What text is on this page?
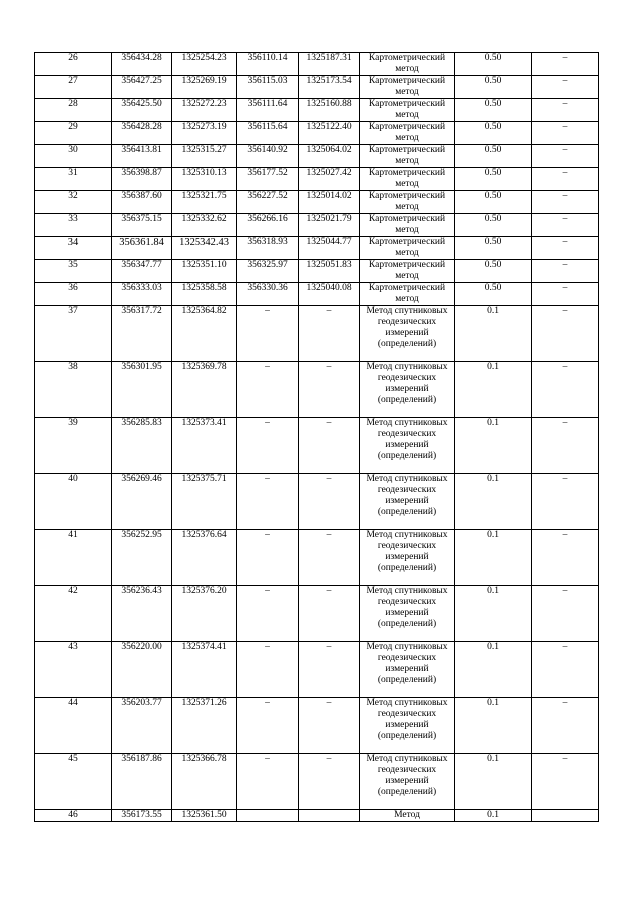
26	356434.28	1325254.23	356110.14	1325187.31	Картометрический метод	0.50	–
27	356427.25	1325269.19	356115.03	1325173.54	Картометрический метод	0.50	–
28	356425.50	1325272.23	356111.64	1325160.88	Картометрический метод	0.50	–
29	356428.28	1325273.19	356115.64	1325122.40	Картометрический метод	0.50	–
30	356413.81	1325315.27	356140.92	1325064.02	Картометрический метод	0.50	–
31	356398.87	1325310.13	356177.52	1325027.42	Картометрический метод	0.50	–
32	356387.60	1325321.75	356227.52	1325014.02	Картометрический метод	0.50	–
33	356375.15	1325332.62	356266.16	1325021.79	Картометрический метод	0.50	–
34	356361.84	1325342.43	356318.93	1325044.77	Картометрический метод	0.50	–
35	356347.77	1325351.10	356325.97	1325051.83	Картометрический метод	0.50	–
36	356333.03	1325358.58	356330.36	1325040.08	Картометрический метод	0.50	–
37	356317.72	1325364.82	–	–	Метод спутниковых геодезических измерений (определений)	0.1	–
38	356301.95	1325369.78	–	–	Метод спутниковых геодезических измерений (определений)	0.1	–
39	356285.83	1325373.41	–	–	Метод спутниковых геодезических измерений (определений)	0.1	–
40	356269.46	1325375.71	–	–	Метод спутниковых геодезических измерений (определений)	0.1	–
41	356252.95	1325376.64	–	–	Метод спутниковых геодезических измерений (определений)	0.1	–
42	356236.43	1325376.20	–	–	Метод спутниковых геодезических измерений (определений)	0.1	–
43	356220.00	1325374.41	–	–	Метод спутниковых геодезических измерений (определений)	0.1	–
44	356203.77	1325371.26	–	–	Метод спутниковых геодезических измерений (определений)	0.1	–
45	356187.86	1325366.78	–	–	Метод спутниковых геодезических измерений (определений)	0.1	–
46	356173.55	1325361.50			Метод	0.1	
